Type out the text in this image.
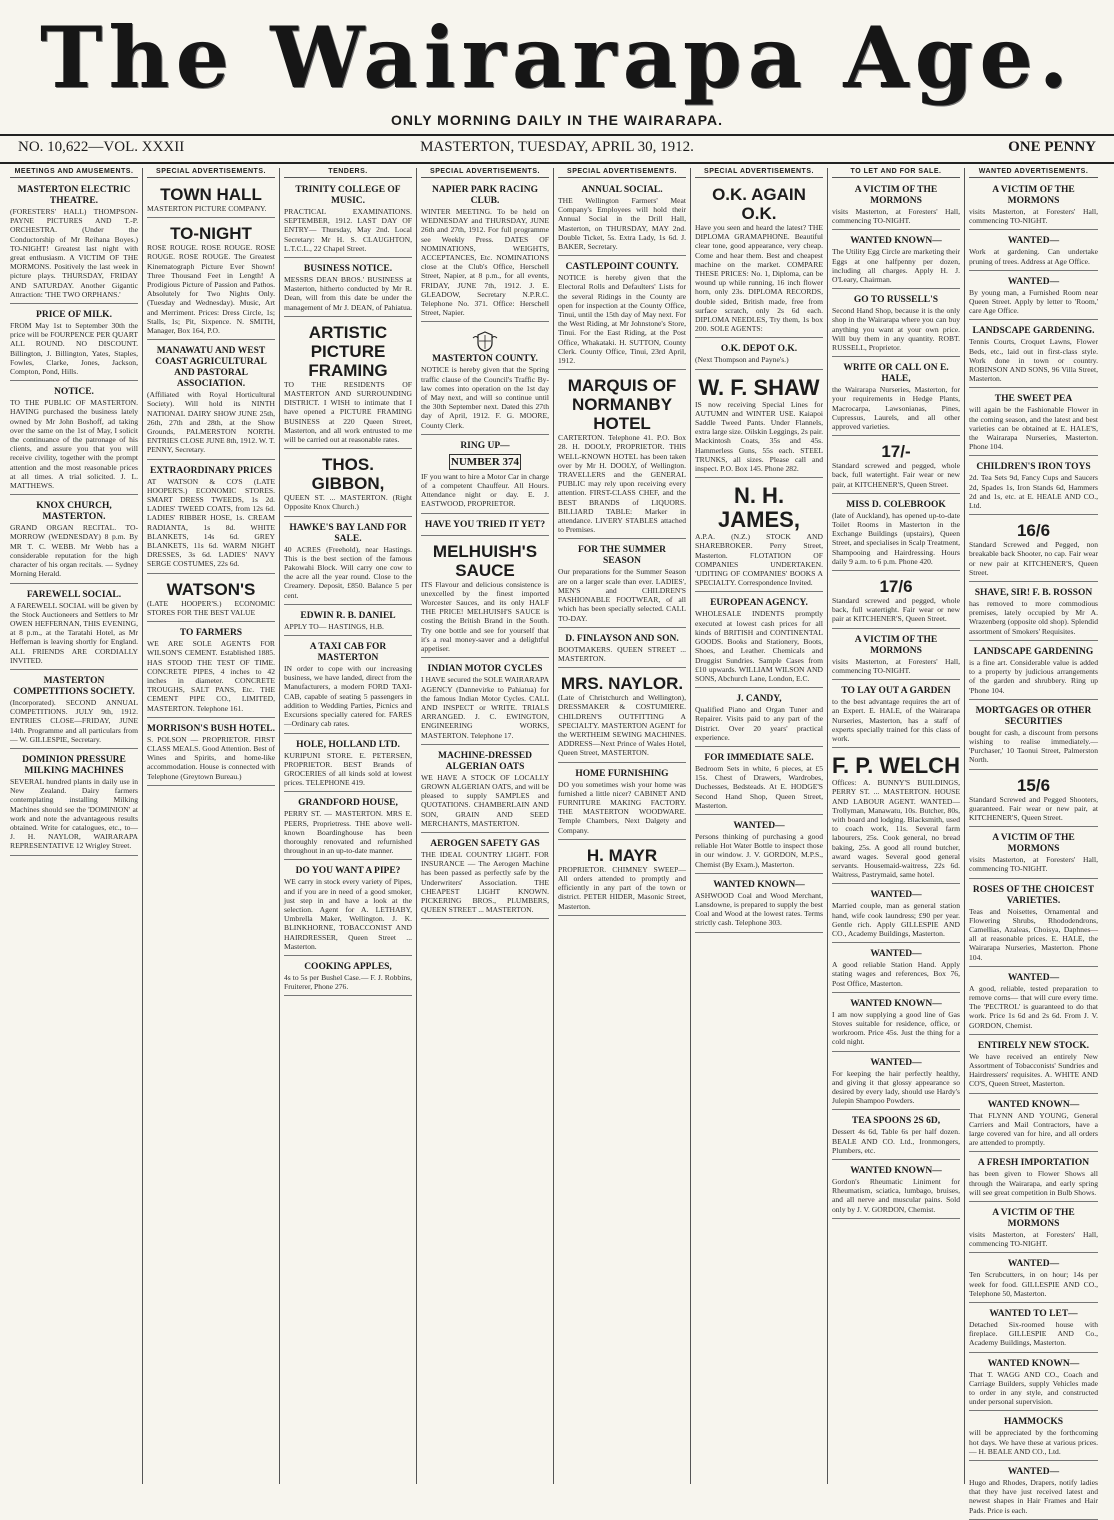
The Wairarapa Age.
ONLY MORNING DAILY IN THE WAIRARAPA.
NO. 10,622—VOL. XXXII	MASTERTON, TUESDAY, APRIL 30, 1912.	ONE PENNY
MEETINGS AND AMUSEMENTS.
MASTERTON ELECTRIC THEATRE.
(FORESTERS' HALL) THOMPSON-PAYNE PICTURES AND T.-P. ORCHESTRA. (Under the Conductorship of Mr Reihana Boyes.) TO-NIGHT! Greatest last night with great enthusiasm. A VICTIM OF THE MORMONS. Positively the last week in picture plays. THURSDAY, FRIDAY AND SATURDAY. Another Gigantic Attraction: 'THE TWO ORPHANS.'
PRICE OF MILK.
FROM May 1st to September 30th the price will be FOURPENCE PER QUART ALL ROUND. NO DISCOUNT. Billington, J. Billington, Yates, Staples, Fowles, Clarke, Jones, Jackson, Compton, Pond, Hills.
NOTICE.
TO THE PUBLIC OF MASTERTON. HAVING purchased the business lately owned by Mr John Boshoff, ad taking over the same on the 1st of May, I solicit the continuance of the patronage of his clients, and assure you that you will receive civility, together with the prompt attention and the most reasonable prices at all times. A trial solicited. J. L. MATTHEWS.
KNOX CHURCH, MASTERTON.
GRAND ORGAN RECITAL. TO-MORROW (WEDNESDAY) 8 p.m. By MR T. C. WEBB. Mr Webb has a considerable reputation for the high character of his organ recitals. — Sydney Morning Herald.
FAREWELL SOCIAL.
A FAREWELL SOCIAL will be given by the Stock Auctioneers and Settlers to Mr OWEN HEFFERNAN, THIS EVENING, at 8 p.m., at the Taratahi Hotel, as Mr Heffernan is leaving shortly for England. ALL FRIENDS ARE CORDIALLY INVITED.
MASTERTON COMPETITIONS SOCIETY.
(Incorporated). SECOND ANNUAL COMPETITIONS. JULY 9th, 1912. ENTRIES CLOSE—FRIDAY, JUNE 14th. Programme and all particulars from— W. GILLESPIE, Secretary.
DOMINION PRESSURE MILKING MACHINES
SEVERAL hundred plants in daily use in New Zealand. Dairy farmers contemplating installing Milking Machines should see the 'DOMINION' at work and note the advantageous results obtained. Write for catalogues, etc., to— J. H. NAYLOR, WAIRARAPA REPRESENTATIVE 12 Wrigley Street.
SPECIAL ADVERTISEMENTS.
TOWN HALL
MASTERTON PICTURE COMPANY.
TO-NIGHT
ROSE ROUGE. ROSE ROUGE. ROSE ROUGE. ROSE ROUGE. The Greatest Kinematograph Picture Ever Shown! Three Thousand Feet in Length! A Prodigious Picture of Passion and Pathos. Absolutely for Two Nights Only. (Tuesday and Wednesday). Music, Art and Merriment. Prices: Dress Circle, 1s; Stalls, 1s; Pit, Sixpence. N. SMITH, Manager, Box 164, P.O.
MANAWATU AND WEST COAST AGRICULTURAL AND PASTORAL ASSOCIATION.
(Affiliated with Royal Horticultural Society). Will hold its NINTH NATIONAL DAIRY SHOW JUNE 25th, 26th, 27th and 28th, at the Show Grounds, PALMERSTON NORTH. ENTRIES CLOSE JUNE 8th, 1912. W. T. PENNY, Secretary.
EXTRAORDINARY PRICES
AT WATSON & CO'S (LATE HOOPER'S.) ECONOMIC STORES. SMART DRESS TWEEDS, 1s 2d. LADIES' TWEED COATS, from 12s 6d. LADIES' RIBBER HOSE, 1s. CREAM RADIANTA, 1s 8d. WHITE BLANKETS, 14s 6d. GREY BLANKETS, 11s 6d. WARM NIGHT DRESSES, 3s 6d. LADIES' NAVY SERGE COSTUMES, 22s 6d.
WATSON'S
(LATE HOOPER'S.) ECONOMIC STORES FOR THE BEST VALUE
TO FARMERS
WE ARE SOLE AGENTS FOR WILSON'S CEMENT. Established 1885. HAS STOOD THE TEST OF TIME. CONCRETE PIPES, 4 inches to 42 inches in diameter. CONCRETE TROUGHS, SALT PANS, Etc. THE CEMENT PIPE CO., LIMITED, MASTERTON. Telephone 161.
MORRISON'S BUSH HOTEL.
S. POLSON — PROPRIETOR. FIRST CLASS MEALS. Good Attention. Best of Wines and Spirits, and home-like accommodation. House is connected with Telephone (Greytown Bureau.)
TENDERS.
TRINITY COLLEGE OF MUSIC.
PRACTICAL EXAMINATIONS. SEPTEMBER, 1912. LAST DAY OF ENTRY— Thursday, May 2nd. Local Secretary: Mr H. S. CLAUGHTON, L.T.C.L., 22 Chapel Street.
BUSINESS NOTICE.
MESSRS DEAN BROS.' BUSINESS at Masterton, hitherto conducted by Mr R. Dean, will from this date be under the management of Mr J. DEAN, of Pahiatua.
ARTISTIC PICTURE FRAMING
TO THE RESIDENTS OF MASTERTON AND SURROUNDING DISTRICT. I WISH to intimate that I have opened a PICTURE FRAMING BUSINESS at 220 Queen Street, Masterton, and all work entrusted to me will be carried out at reasonable rates.
THOS. GIBBON,
QUEEN ST. ... MASTERTON. (Right Opposite Knox Church.)
HAWKE'S BAY LAND FOR SALE.
40 ACRES (Freehold), near Hastings. This is the best section of the famous Pakowahi Block. Will carry one cow to the acre all the year round. Close to the Creamery. Deposit, £850. Balance 5 per cent.
EDWIN R. B. DANIEL
APPLY TO— HASTINGS, H.B.
A TAXI CAB FOR MASTERTON
IN order to cope with our increasing business, we have landed, direct from the Manufacturers, a modern FORD TAXI-CAB, capable of seating 5 passengers in addition to Wedding Parties, Picnics and Excursions specially catered for. FARES—Ordinary cab rates.
HOLE, HOLLAND LTD.
KURIPUNI STORE. E. PETERSEN, PROPRIETOR. BEST Brands of GROCERIES of all kinds sold at lowest prices. TELEPHONE 419.
GRANDFORD HOUSE,
PERRY ST. — MASTERTON. MRS E. PEERS, Proprietress. THE above well-known Boardinghouse has been thoroughly renovated and refurnished throughout in an up-to-date manner.
DO YOU WANT A PIPE?
WE carry in stock every variety of Pipes, and if you are in need of a good smoker, just step in and have a look at the selection. Agent for A. LETHABY, Umbrella Maker, Wellington. J. K. BLINKHORNE, TOBACCONIST AND HAIRDRESSER, Queen Street ... Masterton.
COOKING APPLES,
4s to 5s per Bushel Case.— F. J. Robbins, Fruiterer, Phone 276.
SPECIAL ADVERTISEMENTS.
NAPIER PARK RACING CLUB.
WINTER MEETING. To be held on WEDNESDAY and THURSDAY, JUNE 26th and 27th, 1912. For full programme see Weekly Press. DATES OF NOMINATIONS, WEIGHTS, ACCEPTANCES, Etc. NOMINATIONS close at the Club's Office, Herschell Street, Napier, at 8 p.m., for all events, FRIDAY, JUNE 7th, 1912. J. E. GLEADOW, Secretary N.P.R.C. Telephone No. 371. Office: Herschell Street, Napier.
MASTERTON COUNTY.
NOTICE is hereby given that the Spring traffic clause of the Council's Traffic By-law comes into operation on the 1st day of May next, and will so continue until the 30th September next. Dated this 27th day of April, 1912. F. G. MOORE, County Clerk.
RING UP—
NUMBER 374
IF you want to hire a Motor Car in charge of a competent Chauffeur. All Hours. Attendance night or day. E. J. EASTWOOD, PROPRIETOR.
HAVE YOU TRIED IT YET?
MELHUISH'S SAUCE
ITS Flavour and delicious consistence is unexcelled by the finest imported Worcester Sauces, and its only HALF THE PRICE! MELHUISH'S SAUCE is costing the British Brand in the South. Try one bottle and see for yourself that it's a real money-saver and a delightful appetiser.
INDIAN MOTOR CYCLES
I HAVE secured the SOLE WAIRARAPA AGENCY (Dannevirke to Pahiatua) for the famous Indian Motor Cycles. CALL AND INSPECT or WRITE. TRIALS ARRANGED. J. C. EWINGTON, ENGINEERING WORKS, MASTERTON. Telephone 17.
MACHINE-DRESSED ALGERIAN OATS
WE HAVE A STOCK OF LOCALLY GROWN ALGERIAN OATS, and will be pleased to supply SAMPLES and QUOTATIONS. CHAMBERLAIN AND SON, GRAIN AND SEED MERCHANTS, MASTERTON.
AEROGEN SAFETY GAS
THE IDEAL COUNTRY LIGHT. FOR INSURANCE — The Aerogen Machine has been passed as perfectly safe by the Underwriters' Association. THE CHEAPEST LIGHT KNOWN. PICKERING BROS., PLUMBERS, QUEEN STREET ... MASTERTON.
SPECIAL ADVERTISEMENTS.
ANNUAL SOCIAL.
THE Wellington Farmers' Meat Company's Employees will hold their Annual Social in the Drill Hall, Masterton, on THURSDAY, MAY 2nd. Double Ticket, 5s. Extra Lady, 1s 6d. J. BAKER, Secretary.
CASTLEPOINT COUNTY.
NOTICE is hereby given that the Electoral Rolls and Defaulters' Lists for the several Ridings in the County are open for inspection at the County Office, Tinui, until the 15th day of May next. For the West Riding, at Mr Johnstone's Store, Tinui. For the East Riding, at the Post Office, Whakataki. H. SUTTON, County Clerk. County Office, Tinui, 23rd April, 1912.
MARQUIS OF NORMANBY HOTEL
CARTERTON. Telephone 41. P.O. Box 28. H. DOOLY, PROPRIETOR. THIS WELL-KNOWN HOTEL has been taken over by Mr H. DOOLY, of Wellington. TRAVELLERS and the GENERAL PUBLIC may rely upon receiving every attention. FIRST-CLASS CHEF, and the BEST BRANDS of LIQUORS. BILLIARD TABLE: Marker in attendance. LIVERY STABLES attached to Premises.
FOR THE SUMMER SEASON
Our preparations for the Summer Season are on a larger scale than ever. LADIES', MEN'S and CHILDREN'S FASHIONABLE FOOTWEAR, of all which has been specially selected. CALL TO-DAY.
D. FINLAYSON AND SON.
BOOTMAKERS. QUEEN STREET ... MASTERTON.
MRS. NAYLOR.
(Late of Christchurch and Wellington), DRESSMAKER & COSTUMIERE. CHILDREN'S OUTFITTING A SPECIALTY. MASTERTON AGENT for the WERTHEIM SEWING MACHINES. ADDRESS—Next Prince of Wales Hotel, Queen Street, MASTERTON.
HOME FURNISHING
DO you sometimes wish your home was furnished a little nicer? CABINET AND FURNITURE MAKING FACTORY. THE MASTERTON WOODWARE. Temple Chambers, Next Dalgety and Company.
H. MAYR
PROPRIETOR. CHIMNEY SWEEP— All orders attended to promptly and efficiently in any part of the town or district. PETER HIDER, Masonic Street, Masterton.
SPECIAL ADVERTISEMENTS.
O.K. AGAIN O.K.
Have you seen and heard the latest? THE DIPLOMA GRAMAPHONE. Beautiful clear tone, good appearance, very cheap. Come and hear them. Best and cheapest machine on the market. COMPARE THESE PRICES: No. 1, Diploma, can be wound up while running, 16 inch flower horn, only 23s. DIPLOMA RECORDS, double sided, British made, free from surface scratch, only 2s 6d each. DIPLOMA NEEDLES, Try them, 1s box 200. SOLE AGENTS:
O.K. DEPOT O.K.
(Next Thompson and Payne's.)
W. F. SHAW
IS now receiving Special Lines for AUTUMN and WINTER USE. Kaiapoi Saddle Tweed Pants. Under Flannels, extra large size. Oilskin Leggings, 2s pair. Mackintosh Coats, 35s and 45s. Hammerless Guns, 55s each. STEEL TRUNKS, all sizes. Please call and inspect. P.O. Box 145. Phone 282.
N. H. JAMES,
A.P.A. (N.Z.) STOCK AND SHAREBROKER. Perry Street, Masterton. FLOTATION OF COMPANIES UNDERTAKEN. 'UDITING OF COMPANIES' BOOKS A SPECIALTY. Correspondence Invited.
EUROPEAN AGENCY.
WHOLESALE INDENTS promptly executed at lowest cash prices for all kinds of BRITISH and CONTINENTAL GOODS. Books and Stationery, Boots, Shoes, and Leather. Chemicals and Druggist Sundries. Sample Cases from £10 upwards. WILLIAM WILSON AND SONS, Abchurch Lane, London, E.C.
J. CANDY,
Qualified Piano and Organ Tuner and Repairer. Visits paid to any part of the District. Over 20 years' practical experience.
FOR IMMEDIATE SALE.
Bedroom Sets in white, 6 pieces, at £5 15s. Chest of Drawers, Wardrobes, Duchesses, Bedsteads. At E. HODGE'S Second Hand Shop, Queen Street, Masterton.
WANTED—
Persons thinking of purchasing a good reliable Hot Water Bottle to inspect those in our window. J. V. GORDON, M.P.S., Chemist (By Exam.), Masterton.
WANTED KNOWN—
ASHWOOD Coal and Wood Merchant, Lansdowne, is prepared to supply the best Coal and Wood at the lowest rates. Terms strictly cash. Telephone 303.
TO LET AND FOR SALE.
A VICTIM OF THE MORMONS
visits Masterton, at Foresters' Hall, commencing TO-NIGHT.
WANTED KNOWN—
The Utility Egg Circle are marketing their Eggs at one halfpenny per dozen, including all charges. Apply H. J. O'Leary, Chairman.
GO TO RUSSELL'S
Second Hand Shop, because it is the only shop in the Wairarapa where you can buy anything you want at your own price. Will buy them in any quantity. ROBT. RUSSELL, Proprietor.
WRITE OR CALL ON E. HALE,
the Wairarapa Nurseries, Masterton, for your requirements in Hedge Plants, Macrocarpa, Lawsonianas, Pines, Cupressus, Laurels, and all other approved varieties.
17/-
Standard screwed and pegged, whole back, full watertight. Fair wear or new pair, at KITCHENER'S, Queen Street.
MISS D. COLEBROOK
(late of Auckland), has opened up-to-date Toilet Rooms in Masterton in the Exchange Buildings (upstairs), Queen Street, and specialises in Scalp Treatment, Shampooing and Hairdressing. Hours daily 9 a.m. to 6 p.m. Phone 420.
17/6
Standard screwed and pegged, whole back, full watertight. Fair wear or new pair at KITCHENER'S, Queen Street.
A VICTIM OF THE MORMONS
visits Masterton, at Foresters' Hall, commencing TO-NIGHT.
TO LAY OUT A GARDEN
to the best advantage requires the art of an Expert. E. HALE, of the Wairarapa Nurseries, Masterton, has a staff of experts specially trained for this class of work.
F. P. WELCH
Offices: A. BUNNY'S BUILDINGS, PERRY ST. ... MASTERTON. HOUSE AND LABOUR AGENT. WANTED— Trollyman, Manawatu, 10s. Butcher, 80s, with board and lodging. Blacksmith, used to coach work, 11s. Several farm labourers, 25s. Cook general, no bread baking, 25s. A good all round butcher, award wages. Several good general servants. Housemaid-waitress, 22s 6d. Waitress, Pastrymaid, same hotel.
WANTED—
Married couple, man as general station hand, wife cook laundress; £90 per year. Gentle rich. Apply GILLESPIE AND CO., Academy Buildings, Masterton.
WANTED—
A good reliable Station Hand. Apply stating wages and references, Box 76, Post Office, Masterton.
WANTED KNOWN—
I am now supplying a good line of Gas Stoves suitable for residence, office, or workroom. Price 45s. Just the thing for a cold night.
WANTED—
For keeping the hair perfectly healthy, and giving it that glossy appearance so desired by every lady, should use Hardy's Julepin Shampoo Powders.
TEA SPOONS 2S 6D,
Dessert 4s 6d, Table 6s per half dozen. BEALE AND CO. Ltd., Ironmongers, Plumbers, etc.
WANTED KNOWN—
Gordon's Rheumatic Liniment for Rheumatism, sciatica, lumbago, bruises, and all nerve and muscular pains. Sold only by J. V. GORDON, Chemist.
WANTED ADVERTISEMENTS.
A VICTIM OF THE MORMONS
visits Masterton, at Foresters' Hall, commencing TO-NIGHT.
WANTED—
Work at gardening. Can undertake pruning of trees. Address at Age Office.
WANTED—
By young man, a Furnished Room near Queen Street. Apply by letter to 'Room,' care Age Office.
LANDSCAPE GARDENING.
Tennis Courts, Croquet Lawns, Flower Beds, etc., laid out in first-class style. Work done in town or country. ROBINSON AND SONS, 96 Villa Street, Masterton.
THE SWEET PEA
will again be the Fashionable Flower in the coming season, and the latest and best varieties can be obtained at E. HALE'S, the Wairarapa Nurseries, Masterton. Phone 104.
CHILDREN'S IRON TOYS
2d. Tea Sets 9d, Fancy Cups and Saucers 2d, Spades 1s, Iron Stands 6d, Hammers 2d and 1s, etc. at E. HEALE AND CO., Ltd.
16/6
Standard Screwed and Pegged, non breakable back Shooter, no cap. Fair wear or new pair at KITCHENER'S, Queen Street.
SHAVE, SIR! F. B. ROSSON
has removed to more commodious premises, lately occupied by Mr A. Wrazenberg (opposite old shop). Splendid assortment of Smokers' Requisites.
LANDSCAPE GARDENING
is a fine art. Considerable value is added to a property by judicious arrangements of the garden and shrubbery. Ring up 'Phone 104.
MORTGAGES OR OTHER SECURITIES
bought for cash, a discount from persons wishing to realise immediately.— 'Purchaser,' 10 Taonui Street, Palmerston North.
15/6
Standard Screwed and Pegged Shooters, guaranteed. Fair wear or new pair, at KITCHENER'S, Queen Street.
A VICTIM OF THE MORMONS
visits Masterton, at Foresters' Hall, commencing TO-NIGHT.
ROSES OF THE CHOICEST VARIETIES.
Teas and Noisettes, Ornamental and Flowering Shrubs, Rhododendrons, Camellias, Azaleas, Choisya, Daphnes— all at reasonable prices. E. HALE, the Wairarapa Nurseries, Masterton. Phone 104.
WANTED—
A good, reliable, tested preparation to remove corns— that will cure every time. The 'PECTROL' is guaranteed to do that work. Price 1s 6d and 2s 6d. From J. V. GORDON, Chemist.
ENTIRELY NEW STOCK.
We have received an entirely New Assortment of Tobacconists' Sundries and Hairdressers' requisites. A. WHITE AND CO'S, Queen Street, Masterton.
WANTED KNOWN—
That FLYNN AND YOUNG, General Carriers and Mail Contractors, have a large covered van for hire, and all orders are attended to promptly.
A FRESH IMPORTATION
has been given to Flower Shows all through the Wairarapa, and early spring will see great competition in Bulb Shows.
A VICTIM OF THE MORMONS
visits Masterton, at Foresters' Hall, commencing TO-NIGHT.
WANTED—
Ten Scrubcutters, in on hour; 14s per week for food. GILLESPIE AND CO., Telephone 50, Masterton.
WANTED TO LET—
Detached Six-roomed house with fireplace. GILLESPIE AND Co., Academy Buildings, Masterton.
WANTED KNOWN—
That T. WAGG AND CO., Coach and Carriage Builders, supply Vehicles made to order in any style, and constructed under personal supervision.
HAMMOCKS
will be appreciated by the forthcoming hot days. We have these at various prices.— H. BEALE AND CO., Ltd.
WANTED—
Hugo and Rhodes, Drapers, notify ladies that they have just received latest and newest shapes in Hair Frames and Hair Pads. Price is each.
